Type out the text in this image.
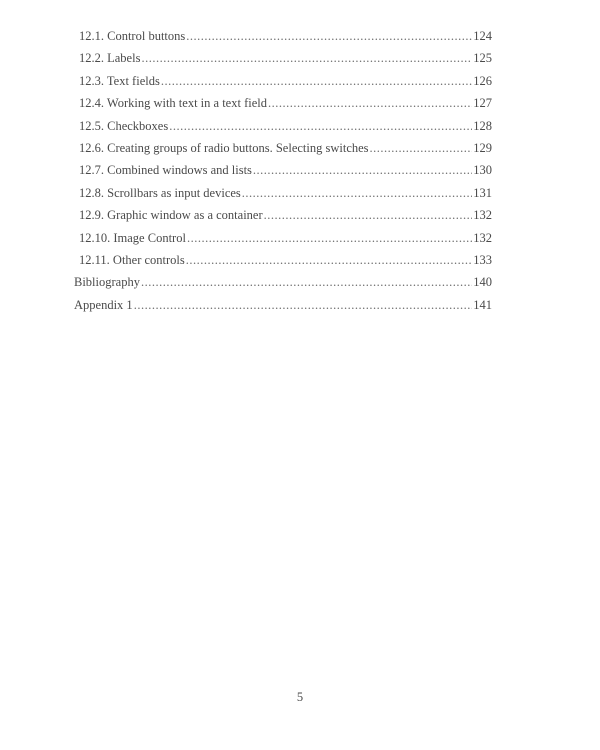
12.1. Control buttons .....	124
12.2. Labels .....	125
12.3. Text fields .....	126
12.4. Working with text in a text field .....	127
12.5. Checkboxes .....	128
12.6. Creating groups of radio buttons. Selecting switches .....	129
12.7. Combined windows and lists .....	130
12.8. Scrollbars as input devices .....	131
12.9. Graphic window as a container .....	132
12.10. Image Control .....	132
12.11. Other controls .....	133
Bibliography .....	140
Appendix 1 .....	141
5
